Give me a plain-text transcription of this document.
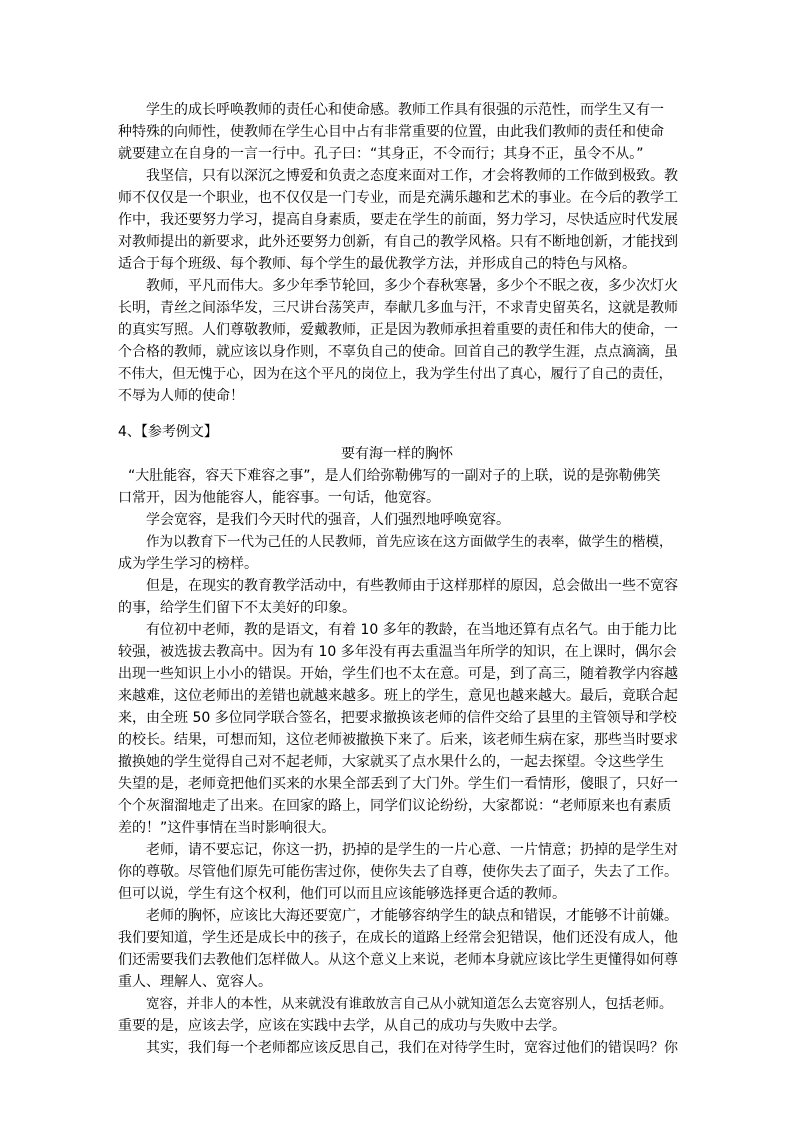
学生的成长呼唤教师的责任心和使命感。教师工作具有很强的示范性，而学生又有一
种特殊的向师性，使教师在学生心目中占有非常重要的位置，由此我们教师的责任和使命
就要建立在自身的一言一行中。孔子曰：“其身正，不令而行；其身不正，虽令不从。”
我坚信，只有以深沉之博爱和负责之态度来面对工作，才会将教师的工作做到极致。教
师不仅仅是一个职业，也不仅仅是一门专业，而是充满乐趣和艺术的事业。在今后的教学工
作中，我还要努力学习，提高自身素质，要走在学生的前面，努力学习，尽快适应时代发展
对教师提出的新要求，此外还要努力创新，有自己的教学风格。只有不断地创新，才能找到
适合于每个班级、每个教师、每个学生的最优教学方法，并形成自己的特色与风格。
教师，平凡而伟大。多少年季节轮回，多少个春秋寒暑，多少个不眠之夜，多少次灯火
长明，青丝之间添华发，三尺讲台荡笑声，奉献几多血与汗，不求青史留英名，这就是教师
的真实写照。人们尊敬教师，爱戴教师，正是因为教师承担着重要的责任和伟大的使命，一
个合格的教师，就应该以身作则，不辜负自己的使命。回首自己的教学生涯，点点滴滴，虽
不伟大，但无愧于心，因为在这个平凡的岗位上，我为学生付出了真心，履行了自己的责任，
不辱为人师的使命！
4、【参考例文】
要有海一样的胸怀
“大肚能容，容天下难容之事”，是人们给弥勒佛写的一副对子的上联，说的是弥勒佛笑
口常开，因为他能容人，能容事。一句话，他宽容。
学会宽容，是我们今天时代的强音，人们强烈地呼唤宽容。
作为以教育下一代为己任的人民教师，首先应该在这方面做学生的表率，做学生的楷模，
成为学生学习的榜样。
但是，在现实的教育教学活动中，有些教师由于这样那样的原因，总会做出一些不宽容
的事，给学生们留下不太美好的印象。
有位初中老师，教的是语文，有着 10 多年的教龄，在当地还算有点名气。由于能力比
较强，被选拔去教高中。因为有 10 多年没有再去重温当年所学的知识，在上课时，偶尔会
出现一些知识上小小的错误。开始，学生们也不太在意。可是，到了高三，随着教学内容越
来越难，这位老师出的差错也就越来越多。班上的学生，意见也越来越大。最后，竟联合起
来，由全班 50 多位同学联合签名，把要求撤换该老师的信件交给了县里的主管领导和学校
的校长。结果，可想而知，这位老师被撤换下来了。后来，该老师生病在家，那些当时要求
撤换她的学生觉得自己对不起老师，大家就买了点水果什么的，一起去探望。令这些学生
失望的是，老师竟把他们买来的水果全部丢到了大门外。学生们一看情形，傻眼了，只好一
个个灰溜溜地走了出来。在回家的路上，同学们议论纷纷，大家都说：“老师原来也有素质
差的！”这件事情在当时影响很大。
老师，请不要忘记，你这一扔，扔掉的是学生的一片心意、一片情意；扔掉的是学生对
你的尊敬。尽管他们原先可能伤害过你，使你失去了自尊，使你失去了面子，失去了工作。
但可以说，学生有这个权利，他们可以而且应该能够选择更合适的教师。
老师的胸怀，应该比大海还要宽广，才能够容纳学生的缺点和错误，才能够不计前嫌。
我们要知道，学生还是成长中的孩子，在成长的道路上经常会犯错误，他们还没有成人，他
们还需要我们去教他们怎样做人。从这个意义上来说，老师本身就应该比学生更懂得如何尊
重人、理解人、宽容人。
宽容，并非人的本性，从来就没有谁敢放言自己从小就知道怎么去宽容别人，包括老师。
重要的是，应该去学，应该在实践中去学，从自己的成功与失败中去学。
其实，我们每一个老师都应该反思自己，我们在对待学生时，宽容过他们的错误吗？你
